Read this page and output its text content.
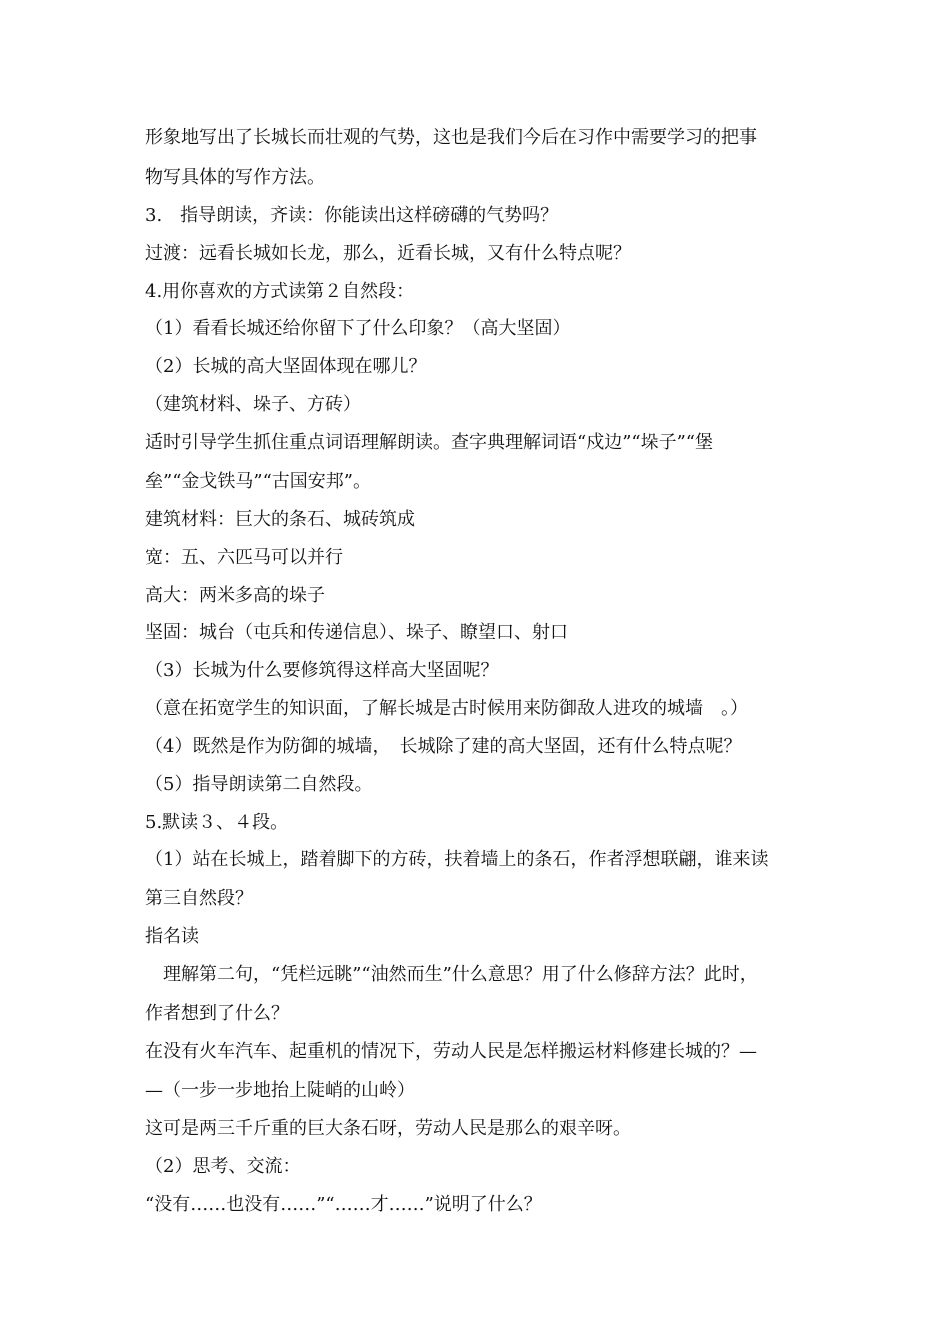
形象地写出了长城长而壮观的气势，这也是我们今后在习作中需要学习的把事
物写具体的写作方法。
3.　指导朗读，齐读：你能读出这样磅礴的气势吗？
过渡：远看长城如长龙，那么，近看长城，又有什么特点呢？
4.用你喜欢的方式读第２自然段：
（1）看看长城还给你留下了什么印象？（高大坚固）
（2）长城的高大坚固体现在哪儿？
（建筑材料、垛子、方砖）
适时引导学生抓住重点词语理解朗读。查字典理解词语“戍边”“垛子”“堡
垒”“金戈铁马”“古国安邦”。
建筑材料：巨大的条石、城砖筑成
宽：五、六匹马可以并行
高大：两米多高的垛子
坚固：城台（屯兵和传递信息）、垛子、瞭望口、射口
（3）长城为什么要修筑得这样高大坚固呢？
（意在拓宽学生的知识面，了解长城是古时候用来防御敌人进攻的城墙　。）
（4）既然是作为防御的城墙，　长城除了建的高大坚固，还有什么特点呢？
（5）指导朗读第二自然段。
5.默读３、４段。
（1）站在长城上，踏着脚下的方砖，扶着墙上的条石，作者浮想联翩，谁来读
第三自然段？
指名读
　理解第二句，“凭栏远眺”“油然而生”什么意思？用了什么修辞方法？此时，
作者想到了什么？
在没有火车汽车、起重机的情况下，劳动人民是怎样搬运材料修建长城的？—
—（一步一步地抬上陡峭的山岭）
这可是两三千斤重的巨大条石呀，劳动人民是那么的艰辛呀。
（2）思考、交流：
“没有……也没有……”“……才……”说明了什么？
